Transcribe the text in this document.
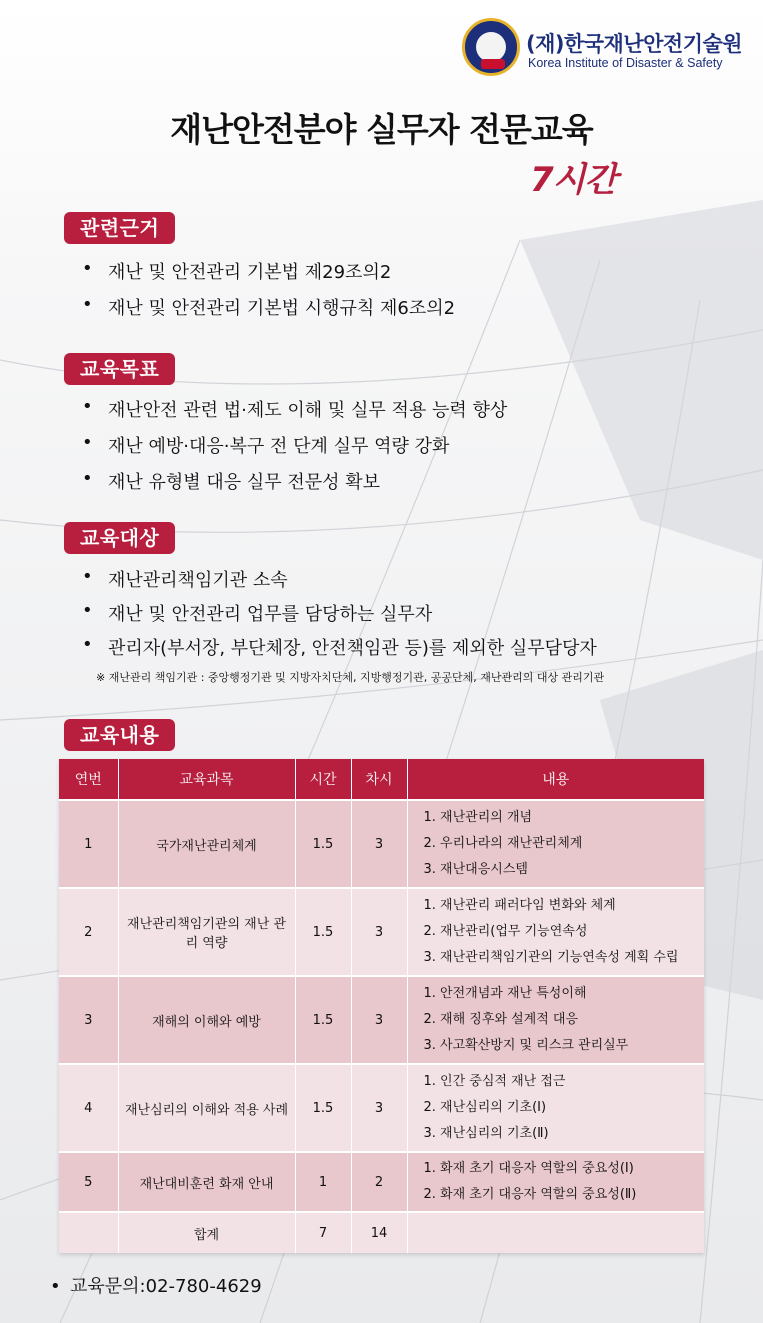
(재)한국재난안전기술원
Korea Institute of Disaster & Safety
재난안전분야 실무자 전문교육
7시간
관련근거
• 재난 및 안전관리 기본법 제29조의2
• 재난 및 안전관리 기본법 시행규칙 제6조의2
교육목표
• 재난안전 관련 법·제도 이해 및 실무 적용 능력 향상
• 재난 예방·대응·복구 전 단계 실무 역량 강화
• 재난 유형별 대응 실무 전문성 확보
교육대상
• 재난관리책임기관 소속
• 재난 및 안전관리 업무를 담당하는 실무자
• 관리자(부서장, 부단체장, 안전책임관 등)를 제외한 실무담당자
※ 재난관리 책임기관 : 중앙행정기관 및 지방자치단체, 지방행정기관, 공공단체, 재난관리의 대상 관리기관
교육내용
연번	교육과목	시간	차시	내용
1	국가재난관리체계	1.5	3	1. 재난관리의 개념
2. 우리나라의 재난관리체계
3. 재난대응시스템

2	재난관리책임기관의 재난 관리 역량	1.5	3	1. 재난관리 패러다임 변화와 체계
2. 재난관리(업무 기능연속성
3. 재난관리책임기관의 기능연속성 계획 수립

3	재해의 이해와 예방	1.5	3	1. 안전개념과 재난 특성이해
2. 재해 징후와 설계적 대응
3. 사고확산방지 및 리스크 관리실무

4	재난심리의 이해와 적용 사례	1.5	3	1. 인간 중심적 재난 접근
2. 재난심리의 기초(Ⅰ)
3. 재난심리의 기초(Ⅱ)

5	재난대비훈련 화재 안내	1	2	1. 화재 초기 대응자 역할의 중요성(Ⅰ)
2. 화재 초기 대응자 역할의 중요성(Ⅱ)

	합계	7	14	
• 교육문의:02-780-4629
